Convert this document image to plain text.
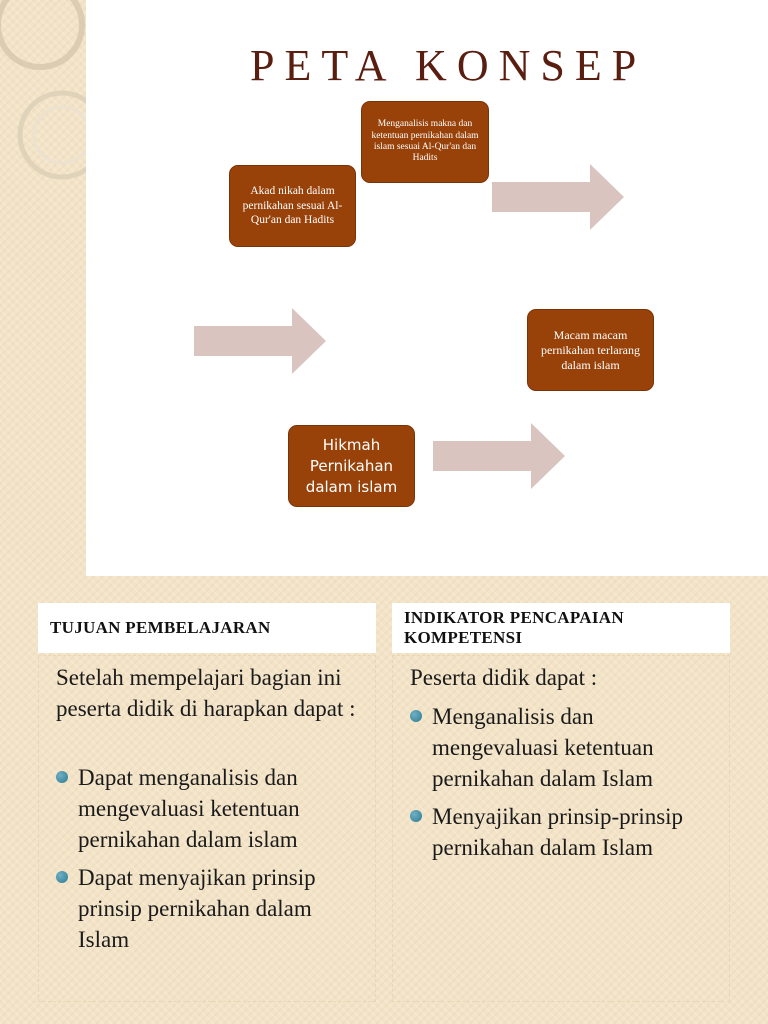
PETA KONSEP
Akad nikah dalam pernikahan sesuai Al-Qur'an dan Hadits
Menganalisis makna dan ketentuan pernikahan dalam islam sesuai Al-Qur'an dan Hadits
Macam macam pernikahan terlarang dalam islam
Hikmah Pernikahan dalam islam
TUJUAN PEMBELAJARAN

Setelah mempelajari bagian ini peserta didik di harapkan dapat :

Dapat menganalisis dan mengevaluasi ketentuan pernikahan dalam islam
Dapat menyajikan prinsip prinsip pernikahan dalam Islam
INDIKATOR PENCAPAIAN KOMPETENSI

Peserta didik dapat :

Menganalisis dan mengevaluasi ketentuan pernikahan dalam Islam
Menyajikan prinsip-prinsip pernikahan dalam Islam
